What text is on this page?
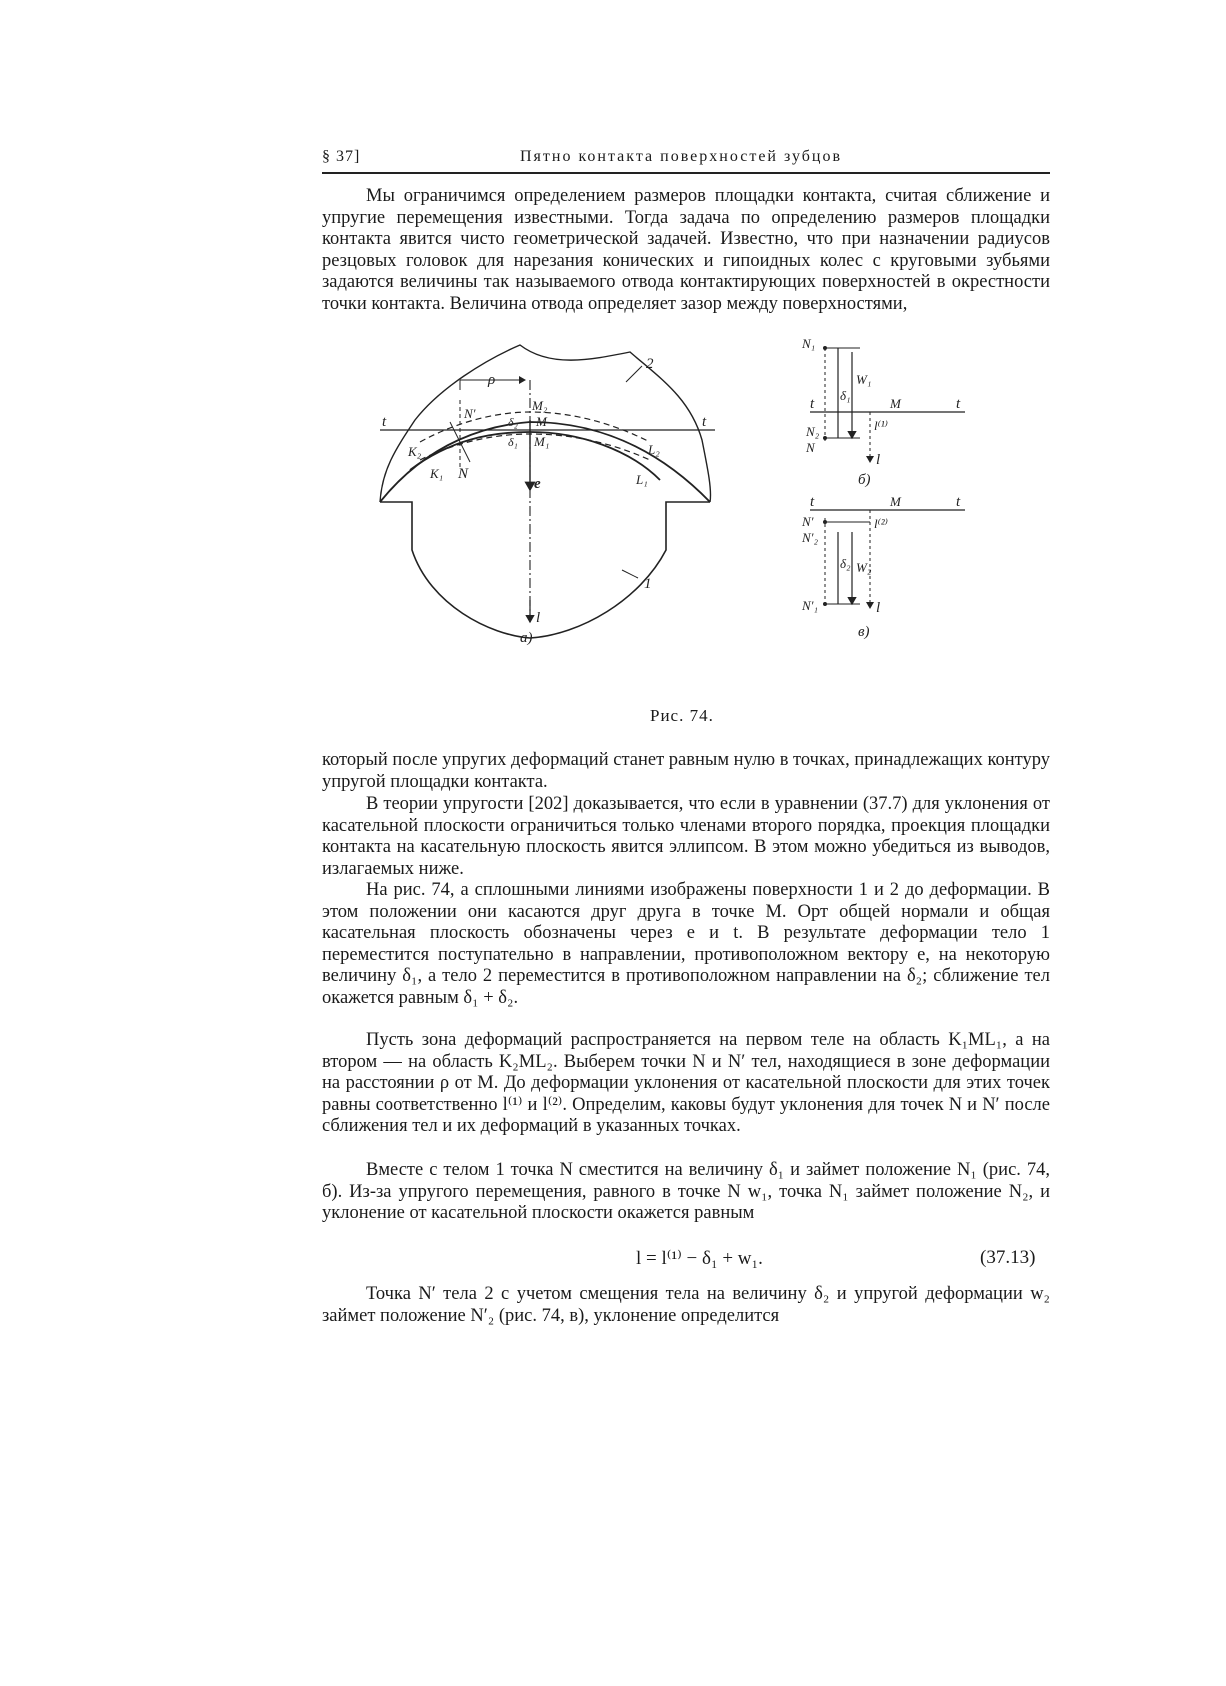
§ 37]	Пятно контакта поверхностей зубцов

Мы ограничимся определением размеров площадки контакта, считая сближение и упругие перемещения известными. Тогда задача по определению размеров площадки контакта явится чисто геометрической задачей. Известно, что при назначении радиусов резцовых головок для нарезания конических и гипоидных колес с круговыми зубьями задаются величины так называемого отвода контактирующих поверхностей в окрестности точки контакта. Величина отвода определяет зазор между поверхностями,

ρ
2
1
t	t
M₂
M
M₁
δ₂
δ₁
N′
N
K₂
K₁
L₂
L₁
e
l
а)
N₁
W₁
δ₁
t	t
M
N₂
N
l⁽¹⁾
l
б)
t	t
M
N′	l⁽²⁾
N′₂
δ₂ W₂
N′₁	l
в)
Рис. 74.

который после упругих деформаций станет равным нулю в точках, принадлежащих контуру упругой площадки контакта.

В теории упругости [202] доказывается, что если в уравнении (37.7) для уклонения от касательной плоскости ограничиться только членами второго порядка, проекция площадки контакта на касательную плоскость явится эллипсом. В этом можно убедиться из выводов, излагаемых ниже.

На рис. 74, а сплошными линиями изображены поверхности 1 и 2 до деформации. В этом положении они касаются друг друга в точке M. Орт общей нормали и общая касательная плоскость обозначены через e и t. В результате деформации тело 1 переместится поступательно в направлении, противоположном вектору e, на некоторую величину δ₁, а тело 2 переместится в противоположном направлении на δ₂; сближение тел окажется равным δ₁ + δ₂.

Пусть зона деформаций распространяется на первом теле на область K₁ML₁, а на втором — на область K₂ML₂. Выберем точки N и N′ тел, находящиеся в зоне деформации на расстоянии ρ от M. До деформации уклонения от касательной плоскости для этих точек равны соответственно l⁽¹⁾ и l⁽²⁾. Определим, каковы будут уклонения для точек N и N′ после сближения тел и их деформаций в указанных точках.

Вместе с телом 1 точка N сместится на величину δ₁ и займет положение N₁ (рис. 74, б). Из-за упругого перемещения, равного в точке N w₁, точка N₁ займет положение N₂, и уклонение от касательной плоскости окажется равным

l = l⁽¹⁾ − δ₁ + w₁.	(37.13)

Точка N′ тела 2 с учетом смещения тела на величину δ₂ и упругой деформации w₂ займет положение N′₂ (рис. 74, в), уклонение определится
